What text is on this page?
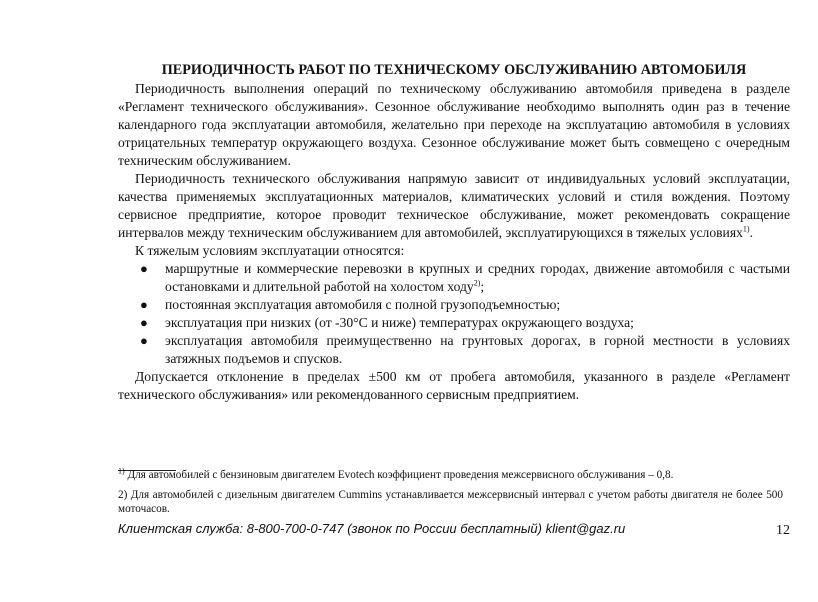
ПЕРИОДИЧНОСТЬ РАБОТ ПО ТЕХНИЧЕСКОМУ ОБСЛУЖИВАНИЮ АВТОМОБИЛЯ

Периодичность выполнения операций по техническому обслуживанию автомобиля приведена в разделе «Регламент технического обслуживания». Сезонное обслуживание необходимо выполнять один раз в течение календарного года эксплуатации автомобиля, желательно при переходе на эксплуатацию автомобиля в условиях отрицательных температур окружающего воздуха. Сезонное обслуживание может быть совмещено с очередным техническим обслуживанием.

Периодичность технического обслуживания напрямую зависит от индивидуальных условий эксплуатации, качества применяемых эксплуатационных материалов, климатических условий и стиля вождения. Поэтому сервисное предприятие, которое проводит техническое обслуживание, может рекомендовать сокращение интервалов между техническим обслуживанием для автомобилей, эксплуатирующихся в тяжелых условиях$^{1)}$.

К тяжелым условиям эксплуатации относятся:

● маршрутные и коммерческие перевозки в крупных и средних городах, движение автомобиля с частыми остановками и длительной работой на холостом ходу$^{2)}$;
● постоянная эксплуатация автомобиля с полной грузоподъемностью;
● эксплуатация при низких (от -30°С и ниже) температурах окружающего воздуха;
● эксплуатация автомобиля преимущественно на грунтовых дорогах, в горной местности в условиях затяжных подъемов и спусков.

Допускается отклонение в пределах ±500 км от пробега автомобиля, указанного в разделе «Регламент технического обслуживания» или рекомендованного сервисным предприятием.

$^{1)}$ Для автомобилей с бензиновым двигателем Evotech коэффициент проведения межсервисного обслуживания – 0,8.

2) Для автомобилей с дизельным двигателем Cummins устанавливается межсервисный интервал с учетом работы двигателя не более 500 моточасов.

Клиентская служба: 8-800-700-0-747 (звонок по России бесплатный) klient@gaz.ru	12
